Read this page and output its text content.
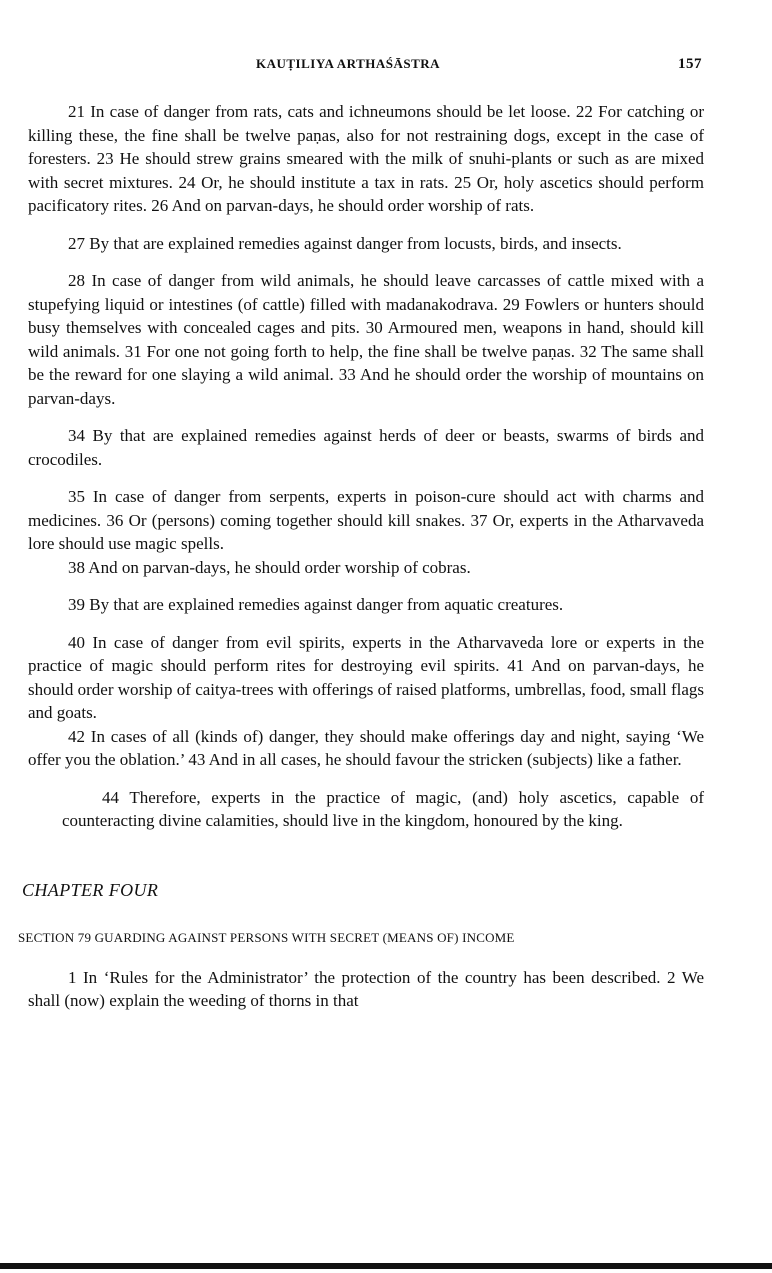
KAUṬILIYA ARTHAŚĀSTRA	157

21 In case of danger from rats, cats and ichneumons should be let loose. 22 For catching or killing these, the fine shall be twelve paṇas, also for not restraining dogs, except in the case of foresters. 23 He should strew grains smeared with the milk of snuhi-plants or such as are mixed with secret mixtures. 24 Or, he should institute a tax in rats. 25 Or, holy ascetics should perform pacificatory rites. 26 And on parvan-days, he should order worship of rats.

27 By that are explained remedies against danger from locusts, birds, and insects.

28 In case of danger from wild animals, he should leave carcasses of cattle mixed with a stupefying liquid or intestines (of cattle) filled with madanakodrava. 29 Fowlers or hunters should busy themselves with concealed cages and pits. 30 Armoured men, weapons in hand, should kill wild animals. 31 For one not going forth to help, the fine shall be twelve paṇas. 32 The same shall be the reward for one slaying a wild animal. 33 And he should order the worship of mountains on parvan-days.

34 By that are explained remedies against herds of deer or beasts, swarms of birds and crocodiles.

35 In case of danger from serpents, experts in poison-cure should act with charms and medicines. 36 Or (persons) coming together should kill snakes. 37 Or, experts in the Atharvaveda lore should use magic spells.

38 And on parvan-days, he should order worship of cobras.

39 By that are explained remedies against danger from aquatic creatures.

40 In case of danger from evil spirits, experts in the Atharvaveda lore or experts in the practice of magic should perform rites for destroying evil spirits. 41 And on parvan-days, he should order worship of caitya-trees with offerings of raised platforms, umbrellas, food, small flags and goats.

42 In cases of all (kinds of) danger, they should make offerings day and night, saying ‘We offer you the oblation.’ 43 And in all cases, he should favour the stricken (subjects) like a father.

44 Therefore, experts in the practice of magic, (and) holy ascetics, capable of counteracting divine calamities, should live in the kingdom, honoured by the king.

CHAPTER FOUR
SECTION 79 GUARDING AGAINST PERSONS WITH SECRET (MEANS OF) INCOME

1 In ‘Rules for the Administrator’ the protection of the country has been described. 2 We shall (now) explain the weeding of thorns in that
